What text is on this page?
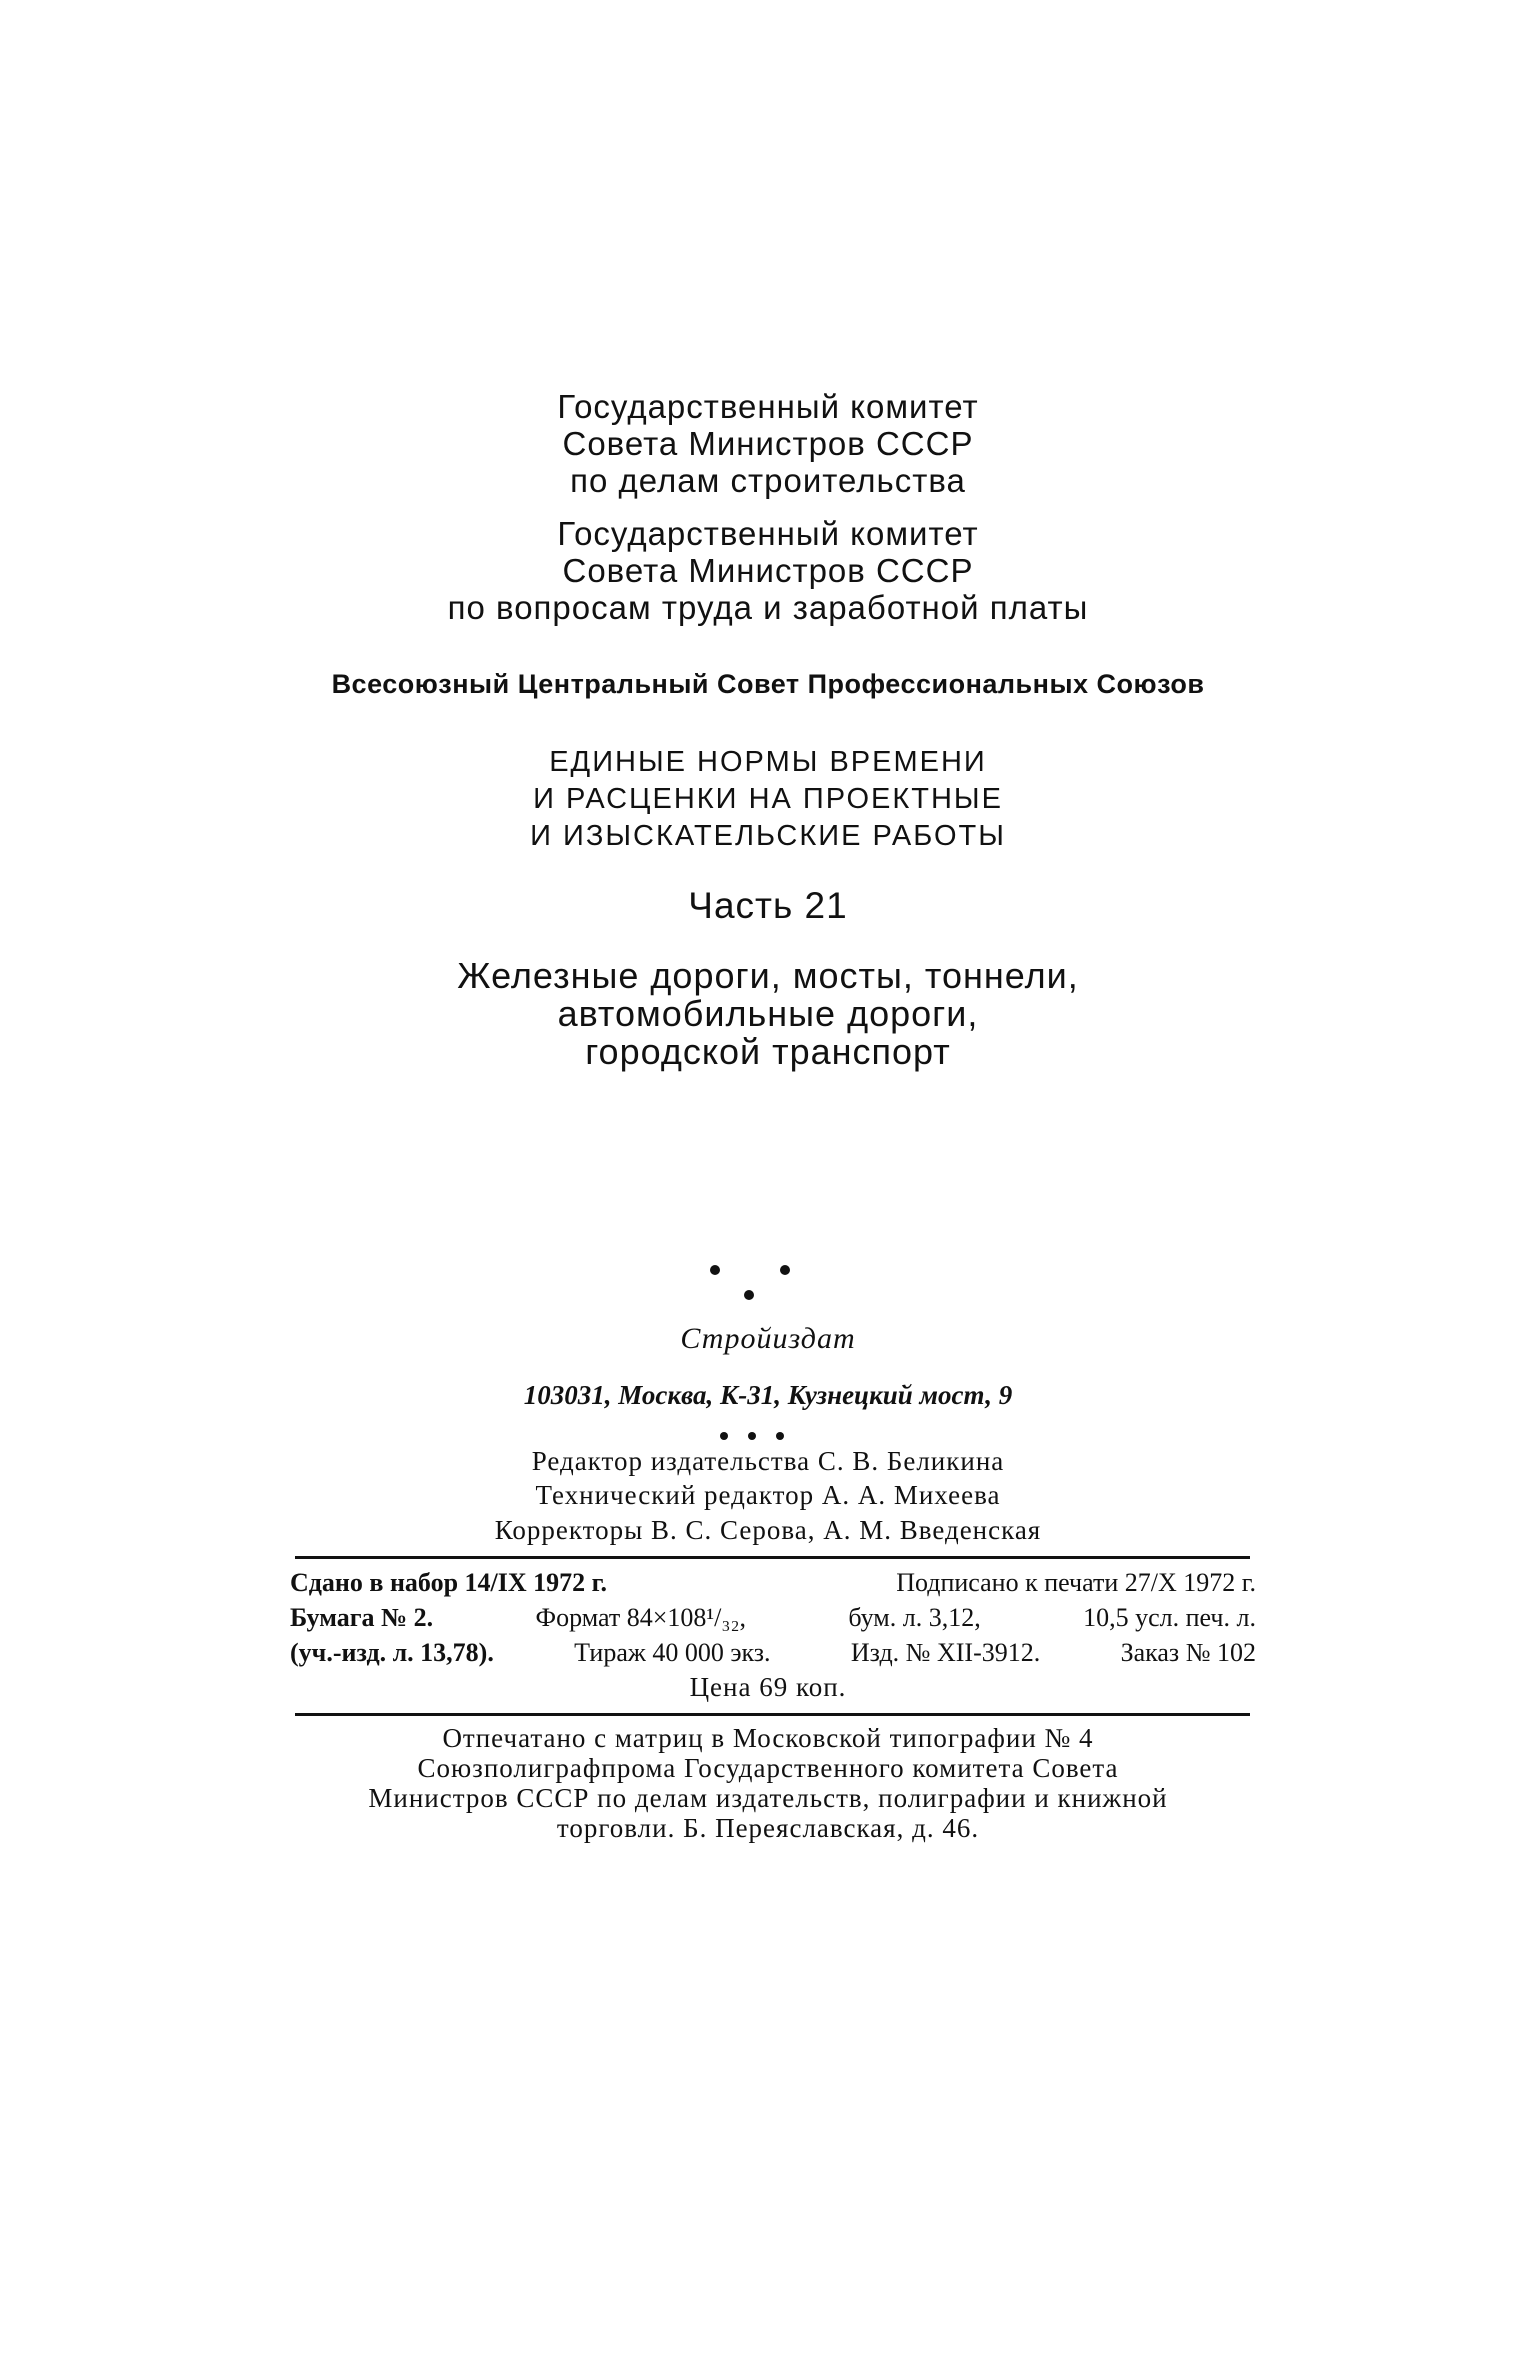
Государственный комитет
Совета Министров СССР
по делам строительства
Государственный комитет
Совета Министров СССР
по вопросам труда и заработной платы
Всесоюзный Центральный Совет Профессиональных Союзов
ЕДИНЫЕ НОРМЫ ВРЕМЕНИ
И РАСЦЕНКИ НА ПРОЕКТНЫЕ
И ИЗЫСКАТЕЛЬСКИЕ РАБОТЫ
Часть 21
Железные дороги, мосты, тоннели,
автомобильные дороги,
городской транспорт
Стройиздат
103031, Москва, К-31, Кузнецкий мост, 9
Редактор издательства С. В. Беликина
Технический редактор А. А. Михеева
Корректоры В. С. Серова, А. М. Введенская
Сдано в набор 14/IX 1972 г.	Подписано к печати 27/X 1972 г.
Бумага № 2.	Формат 84×108¹/₃₂,	бум. л. 3,12,	10,5 усл. печ. л.
(уч.-изд. л. 13,78).	Тираж 40 000 экз.	Изд. № XII-3912.	Заказ № 102
Цена 69 коп.
Отпечатано с матриц в Московской типографии № 4
Союзполиграфпрома Государственного комитета Совета
Министров СССР по делам издательств, полиграфии и книжной
торговли. Б. Переяславская, д. 46.
